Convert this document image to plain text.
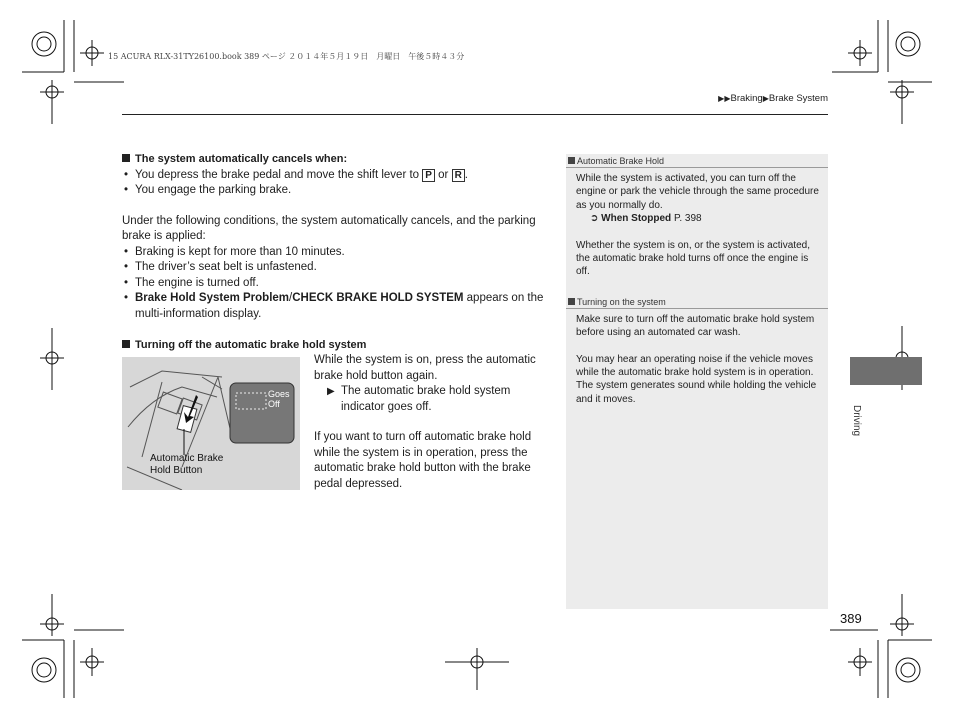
15 ACURA RLX-31TY26100.book 389 ページ ２０１４年５月１９日　月曜日　午後５時４３分
▶▶Braking▶Brake System
The system automatically cancels when:
• You depress the brake pedal and move the shift lever to P or R .
• You engage the parking brake.
Under the following conditions, the system automatically cancels, and the parking brake is applied:
• Braking is kept for more than 10 minutes.
• The driver’s seat belt is unfastened.
• The engine is turned off.
• Brake Hold System Problem/CHECK BRAKE HOLD SYSTEM appears on the multi-information display.
Turning off the automatic brake hold system
While the system is on, press the automatic brake hold button again.
▶ The automatic brake hold system indicator goes off.
If you want to turn off automatic brake hold while the system is in operation, press the automatic brake hold button with the brake pedal depressed.
Goes
Off
Automatic Brake
Hold Button
Automatic Brake Hold

While the system is activated, you can turn off the engine or park the vehicle through the same procedure as you normally do.

➲ When Stopped P. 398

Whether the system is on, or the system is activated, the automatic brake hold turns off once the engine is off.

Turning on the system

Make sure to turn off the automatic brake hold system before using an automated car wash.

You may hear an operating noise if the vehicle moves while the automatic brake hold system is in operation. The system generates sound while holding the vehicle and it moves.

Driving
389
